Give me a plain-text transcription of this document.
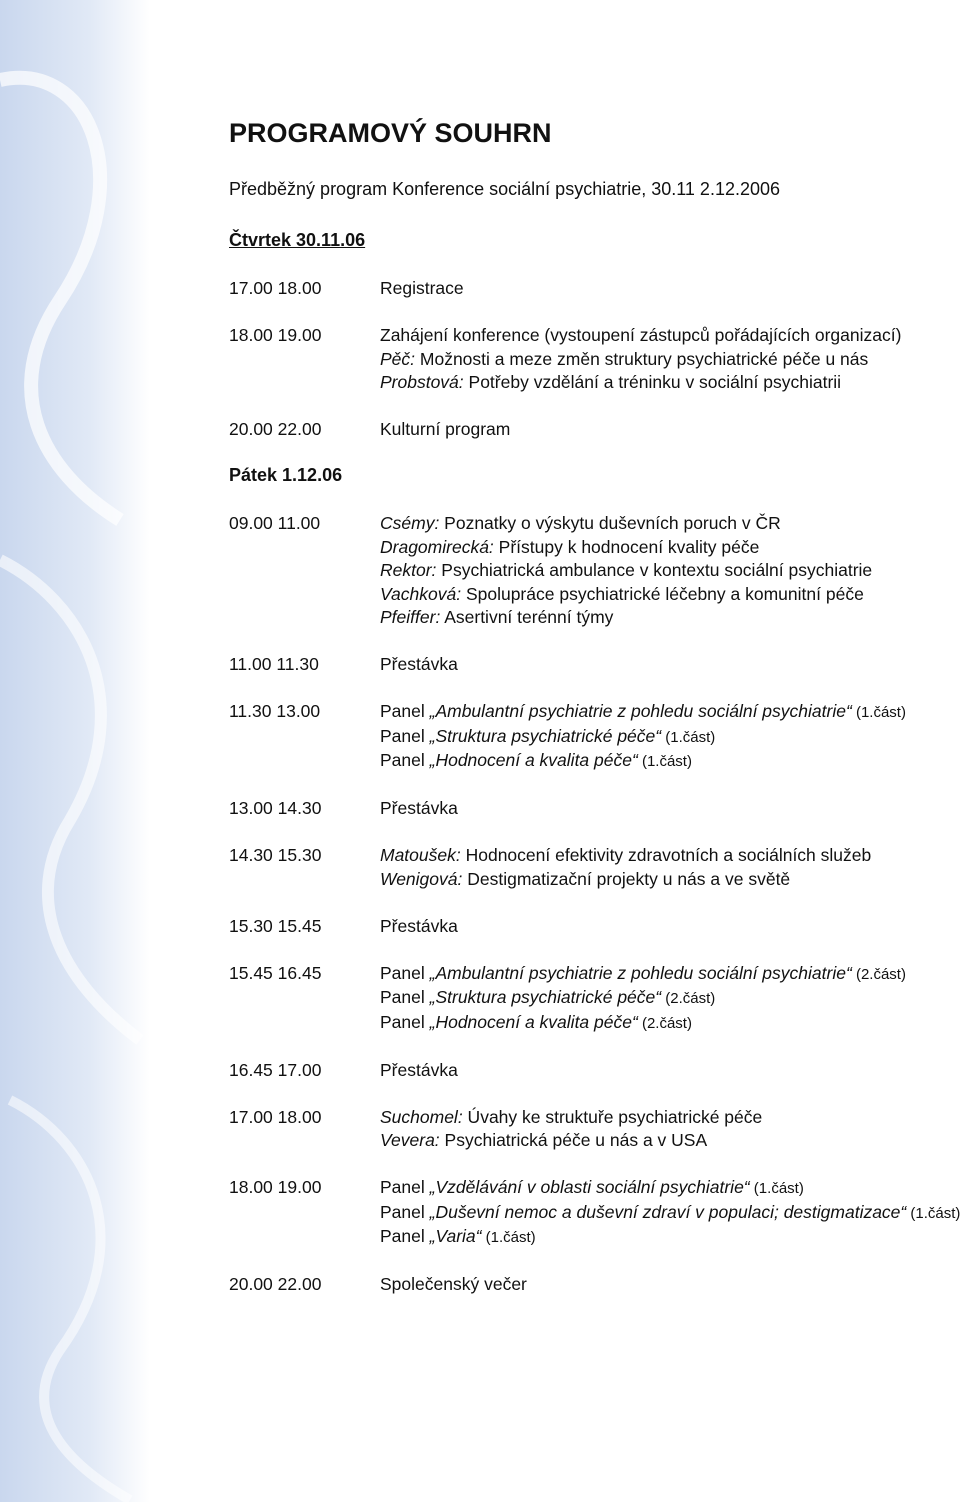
PROGRAMOVÝ SOUHRN
Předběžný program Konference sociální psychiatrie, 30.11 2.12.2006
Čtvrtek 30.11.06
17.00 18.00	Registrace
18.00 19.00	Zahájení konference (vystoupení zástupců pořádajících organizací)
Pěč: Možnosti a meze změn struktury psychiatrické péče u nás
Probstová: Potřeby vzdělání a tréninku v sociální psychiatrii
20.00 22.00	Kulturní program
Pátek 1.12.06
09.00 11.00	Csémy: Poznatky o výskytu duševních poruch v ČR
Dragomirecká: Přístupy k hodnocení kvality péče
Rektor: Psychiatrická ambulance v kontextu sociální psychiatrie
Vachková: Spolupráce psychiatrické léčebny a komunitní péče
Pfeiffer: Asertivní terénní týmy
11.00 11.30	Přestávka
11.30 13.00	Panel „Ambulantní psychiatrie z pohledu sociální psychiatrie“ (1.část)
Panel „Struktura psychiatrické péče“ (1.část)
Panel „Hodnocení a kvalita péče“ (1.část)
13.00 14.30	Přestávka
14.30 15.30	Matoušek: Hodnocení efektivity zdravotních a sociálních služeb
Wenigová: Destigmatizační projekty u nás a ve světě
15.30 15.45	Přestávka
15.45 16.45	Panel „Ambulantní psychiatrie z pohledu sociální psychiatrie“ (2.část)
Panel „Struktura psychiatrické péče“ (2.část)
Panel „Hodnocení a kvalita péče“ (2.část)
16.45 17.00	Přestávka
17.00 18.00	Suchomel: Úvahy ke struktuře psychiatrické péče
Vevera: Psychiatrická péče u nás a v USA
18.00 19.00	Panel „Vzdělávání v oblasti sociální psychiatrie“ (1.část)
Panel „Duševní nemoc a duševní zdraví v populaci; destigmatizace“ (1.část)
Panel „Varia“ (1.část)
20.00 22.00	Společenský večer
